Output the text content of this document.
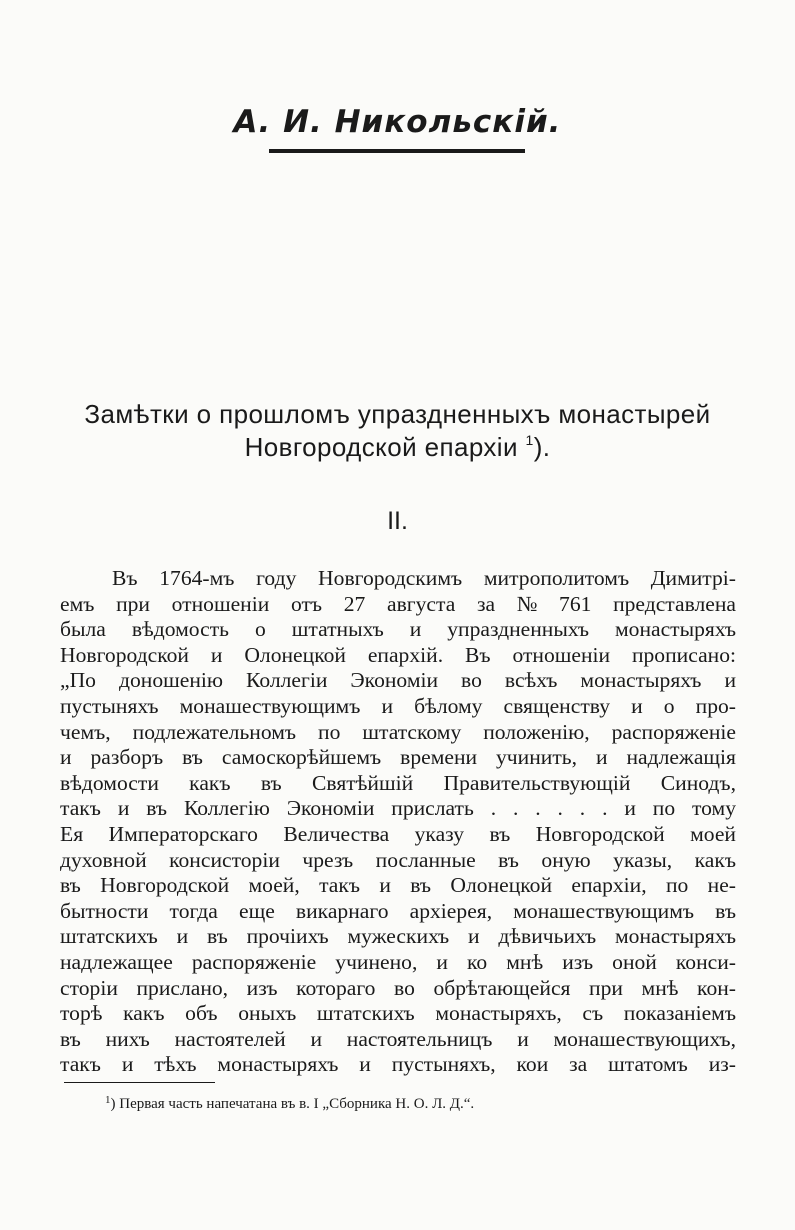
А. И. Никольскій.
Замѣтки о прошломъ упраздненныхъ монастырей
Новгородской епархіи $^1$).
II.
Въ 1764-мъ году Новгородскимъ митрополитомъ Димитрі-
емъ при отношеніи отъ 27 августа за № 761 представлена
была вѣдомость о штатныхъ и упраздненныхъ монастыряхъ
Новгородской и Олонецкой епархій. Въ отношеніи прописано:
„По доношенію Коллегіи Экономіи во всѣхъ монастыряхъ и
пустыняхъ монашествующимъ и бѣлому священству и о про-
чемъ, подлежательномъ по штатскому положенію, распоряженіе
и разборъ въ самоскорѣйшемъ времени учинить, и надлежащія
вѣдомости какъ въ Святѣйшій Правительствующій Синодъ,
такъ и въ Коллегію Экономіи прислать . . . . . . и по тому
Ея Императорскаго Величества указу въ Новгородской моей
духовной консисторіи чрезъ посланные въ оную указы, какъ
въ Новгородской моей, такъ и въ Олонецкой епархіи, по не-
бытности тогда еще викарнаго архіерея, монашествующимъ въ
штатскихъ и въ прочіихъ мужескихъ и дѣвичьихъ монастыряхъ
надлежащее распоряженіе учинено, и ко мнѣ изъ оной конси-
сторіи прислано, изъ котораго во обрѣтающейся при мнѣ кон-
торѣ какъ объ оныхъ штатскихъ монастыряхъ, съ показаніемъ
въ нихъ настоятелей и настоятельницъ и монашествующихъ,
такъ и тѣхъ монастыряхъ и пустыняхъ, кои за штатомъ из-
$^1$) Первая часть напечатана въ в. I „Сборника Н. О. Л. Д.“.
